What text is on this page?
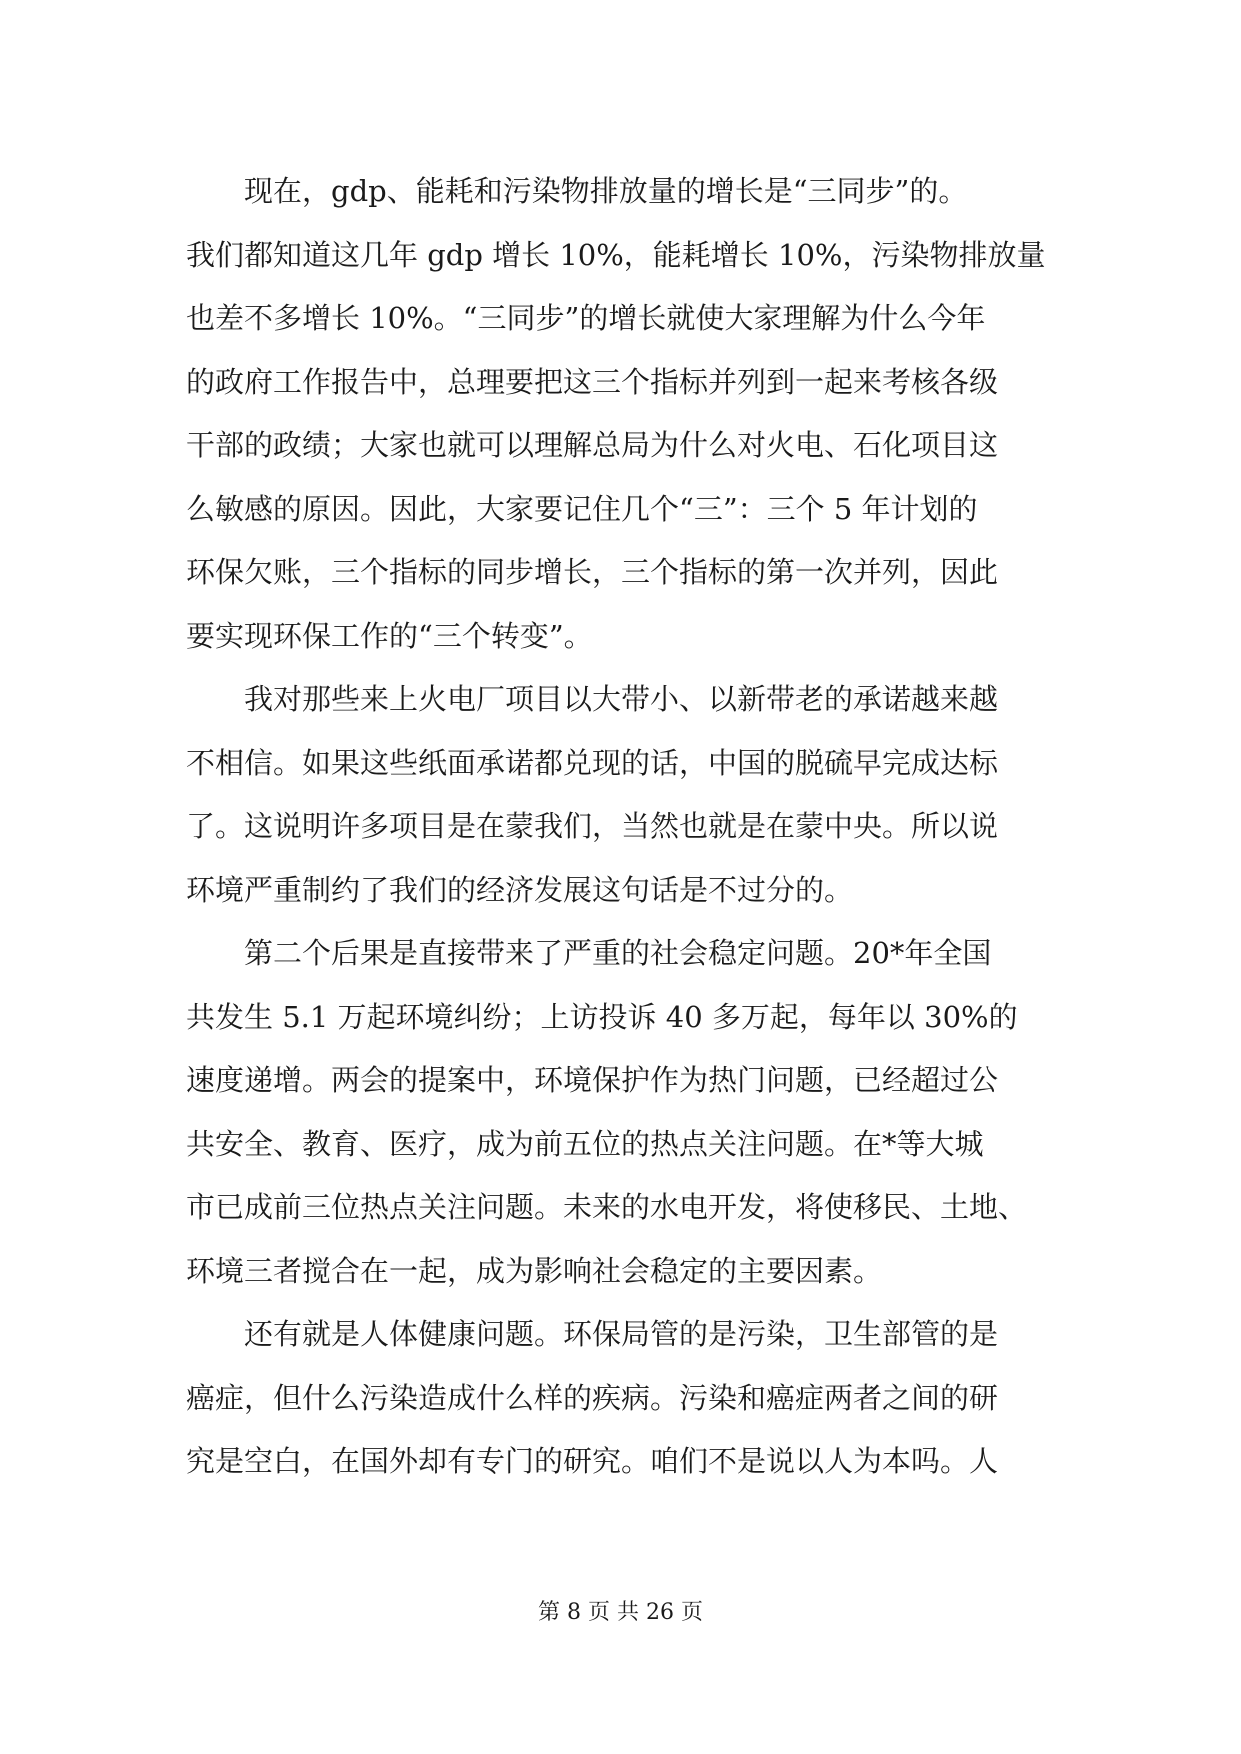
现在，gdp、能耗和污染物排放量的增长是“三同步”的。
我们都知道这几年 gdp 增长 10%，能耗增长 10%，污染物排放量
也差不多增长 10%。“三同步”的增长就使大家理解为什么今年
的政府工作报告中，总理要把这三个指标并列到一起来考核各级
干部的政绩；大家也就可以理解总局为什么对火电、石化项目这
么敏感的原因。因此，大家要记住几个“三”：三个 5 年计划的
环保欠账，三个指标的同步增长，三个指标的第一次并列，因此
要实现环保工作的“三个转变”。
我对那些来上火电厂项目以大带小、以新带老的承诺越来越
不相信。如果这些纸面承诺都兑现的话，中国的脱硫早完成达标
了。这说明许多项目是在蒙我们，当然也就是在蒙中央。所以说
环境严重制约了我们的经济发展这句话是不过分的。
第二个后果是直接带来了严重的社会稳定问题。20*年全国
共发生 5.1 万起环境纠纷；上访投诉 40 多万起，每年以 30%的
速度递增。两会的提案中，环境保护作为热门问题，已经超过公
共安全、教育、医疗，成为前五位的热点关注问题。在*等大城
市已成前三位热点关注问题。未来的水电开发，将使移民、土地、
环境三者搅合在一起，成为影响社会稳定的主要因素。
还有就是人体健康问题。环保局管的是污染，卫生部管的是
癌症，但什么污染造成什么样的疾病。污染和癌症两者之间的研
究是空白，在国外却有专门的研究。咱们不是说以人为本吗。人
第 8 页 共 26 页
